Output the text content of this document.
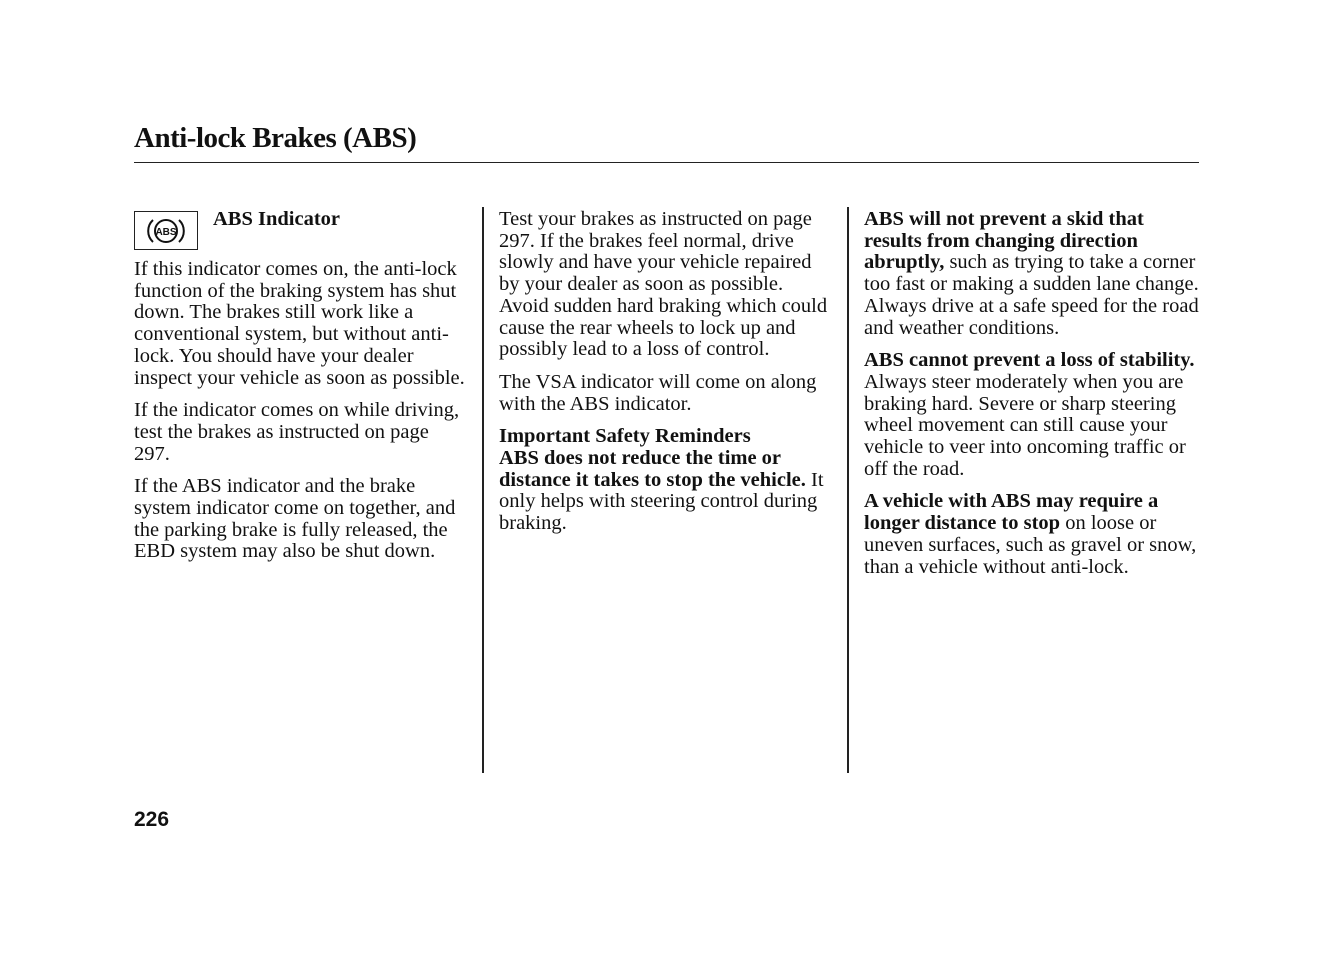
Anti-lock Brakes (ABS)
ABS
ABS Indicator

If this indicator comes on, the anti-lock function of the braking system has shut down. The brakes still work like a conventional system, but without anti-lock. You should have your dealer inspect your vehicle as soon as possible.

If the indicator comes on while driving, test the brakes as instructed on page 297.

If the ABS indicator and the brake system indicator come on together, and the parking brake is fully released, the EBD system may also be shut down.

Test your brakes as instructed on page 297. If the brakes feel normal, drive slowly and have your vehicle repaired by your dealer as soon as possible. Avoid sudden hard braking which could cause the rear wheels to lock up and possibly lead to a loss of control.

The VSA indicator will come on along with the ABS indicator.

Important Safety Reminders
ABS does not reduce the time or distance it takes to stop the vehicle. It only helps with steering control during braking.

ABS will not prevent a skid that results from changing direction abruptly, such as trying to take a corner too fast or making a sudden lane change. Always drive at a safe speed for the road and weather conditions.

ABS cannot prevent a loss of stability. Always steer moderately when you are braking hard. Severe or sharp steering wheel movement can still cause your vehicle to veer into oncoming traffic or off the road.

A vehicle with ABS may require a longer distance to stop on loose or uneven surfaces, such as gravel or snow, than a vehicle without anti-lock.

226
